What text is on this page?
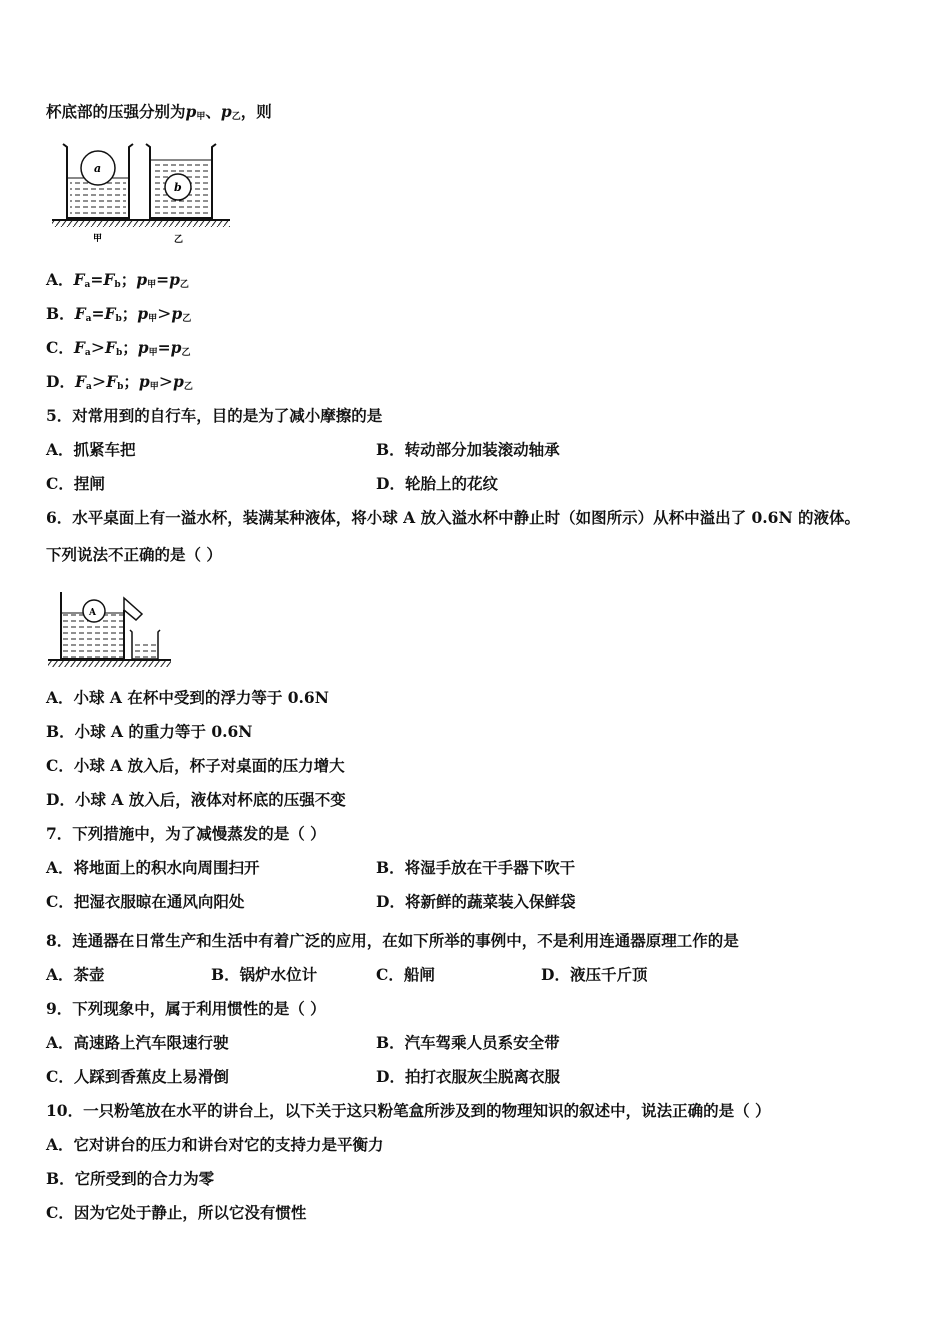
杯底部的压强分别为$p_甲$、$p_乙$，则
a
b
甲	乙
A．$F_a=F_b$；$p_甲=p_乙$
B．$F_a=F_b$；$p_甲>p_乙$
C．$F_a>F_b$；$p_甲=p_乙$
D．$F_a>F_b$；$p_甲>p_乙$
5．对常用到的自行车，目的是为了减小摩擦的是
A．抓紧车把	B．转动部分加装滚动轴承
C．捏闸	D．轮胎上的花纹
6．水平桌面上有一溢水杯，装满某种液体，将小球 A 放入溢水杯中静止时（如图所示）从杯中溢出了 0.6N 的液体。
下列说法不正确的是（ ）
A
A．小球 A 在杯中受到的浮力等于 0.6N
B．小球 A 的重力等于 0.6N
C．小球 A 放入后，杯子对桌面的压力增大
D．小球 A 放入后，液体对杯底的压强不变
7．下列措施中，为了减慢蒸发的是（ ）
A．将地面上的积水向周围扫开	B．将湿手放在干手器下吹干
C．把湿衣服晾在通风向阳处	D．将新鲜的蔬菜装入保鲜袋
8．连通器在日常生产和生活中有着广泛的应用，在如下所举的事例中，不是利用连通器原理工作的是
A．茶壶	B．锅炉水位计	C．船闸	D．液压千斤顶
9．下列现象中，属于利用惯性的是（ ）
A．高速路上汽车限速行驶	B．汽车驾乘人员系安全带
C．人踩到香蕉皮上易滑倒	D．拍打衣服灰尘脱离衣服
10．一只粉笔放在水平的讲台上，以下关于这只粉笔盒所涉及到的物理知识的叙述中，说法正确的是（ ）
A．它对讲台的压力和讲台对它的支持力是平衡力
B．它所受到的合力为零
C．因为它处于静止，所以它没有惯性
